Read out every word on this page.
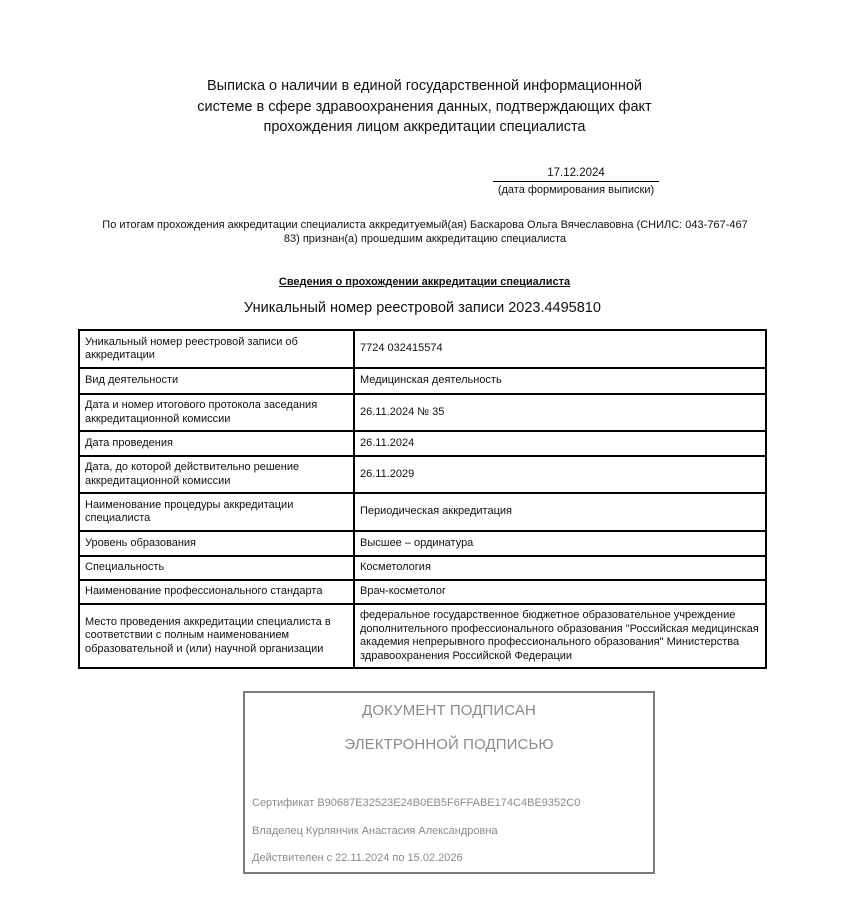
Выписка о наличии в единой государственной информационной
системе в сфере здравоохранения данных, подтверждающих факт
прохождения лицом аккредитации специалиста
17.12.2024
(дата формирования выписки)
По итогам прохождения аккредитации специалиста аккредитуемый(ая) Баскарова Ольга Вячеславовна (СНИЛС: 043-767-467
83) признан(а) прошедшим аккредитацию специалиста
Сведения о прохождении аккредитации специалиста
Уникальный номер реестровой записи 2023.4495810
Уникальный номер реестровой записи об аккредитации	7724 032415574
Вид деятельности	Медицинская деятельность
Дата и номер итогового протокола заседания аккредитационной комиссии	26.11.2024 № 35
Дата проведения	26.11.2024
Дата, до которой действительно решение аккредитационной комиссии	26.11.2029
Наименование процедуры аккредитации специалиста	Периодическая аккредитация
Уровень образования	Высшее – ординатура
Специальность	Косметология
Наименование профессионального стандарта	Врач-косметолог
Место проведения аккредитации специалиста в соответствии с полным наименованием образовательной и (или) научной организации	федеральное государственное бюджетное образовательное учреждение дополнительного профессионального образования "Российская медицинская академия непрерывного профессионального образования" Министерства здравоохранения Российской Федерации
ДОКУМЕНТ ПОДПИСАН
ЭЛЕКТРОННОЙ ПОДПИСЬЮ
Сертификат B90687E32523E24B0EB5F6FFABE174C4BE9352C0
Владелец Курлянчик Анастасия Александровна
Действителен с 22.11.2024 по 15.02.2026
